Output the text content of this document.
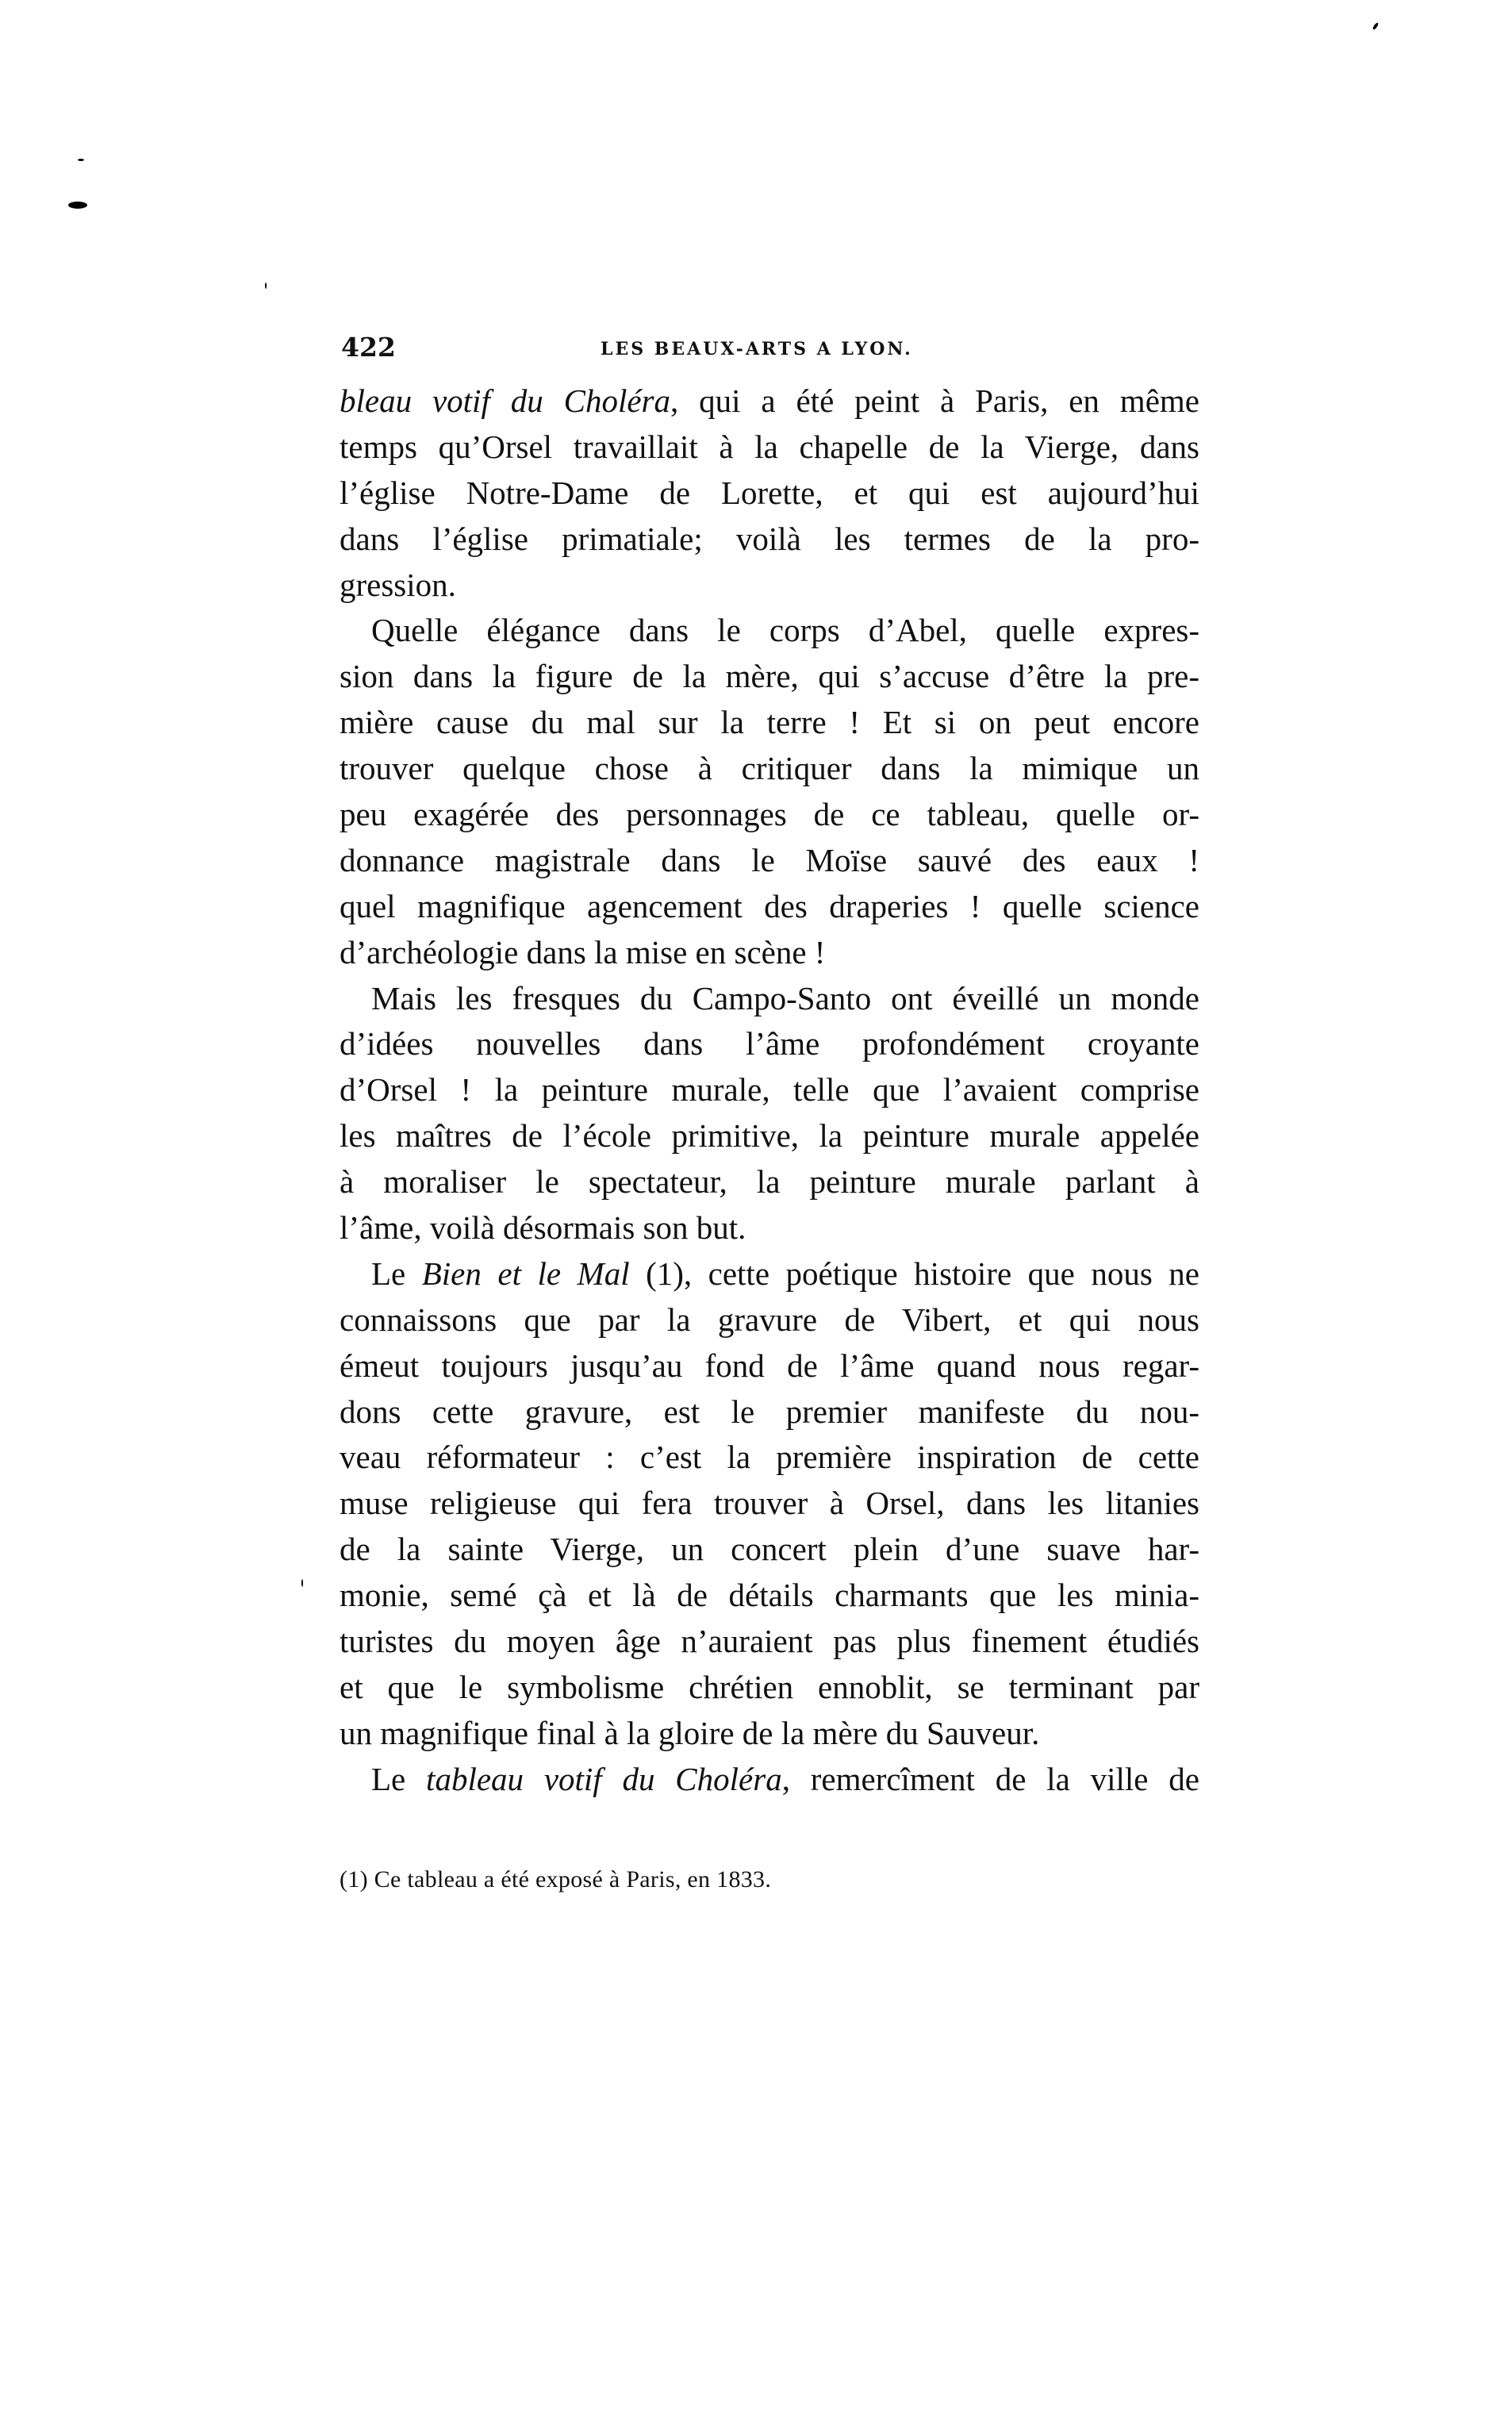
422	LES BEAUX-ARTS A LYON.
bleau votif du Choléra, qui a été peint à Paris, en même
temps qu’Orsel travaillait à la chapelle de la Vierge, dans
l’église Notre-Dame de Lorette, et qui est aujourd’hui
dans l’église primatiale; voilà les termes de la pro-
gression.
Quelle élégance dans le corps d’Abel, quelle expres-
sion dans la figure de la mère, qui s’accuse d’être la pre-
mière cause du mal sur la terre ! Et si on peut encore
trouver quelque chose à critiquer dans la mimique un
peu exagérée des personnages de ce tableau, quelle or-
donnance magistrale dans le Moïse sauvé des eaux !
quel magnifique agencement des draperies ! quelle science
d’archéologie dans la mise en scène !
Mais les fresques du Campo-Santo ont éveillé un monde
d’idées nouvelles dans l’âme profondément croyante
d’Orsel ! la peinture murale, telle que l’avaient comprise
les maîtres de l’école primitive, la peinture murale appelée
à moraliser le spectateur, la peinture murale parlant à
l’âme, voilà désormais son but.
Le Bien et le Mal (1), cette poétique histoire que nous ne
connaissons que par la gravure de Vibert, et qui nous
émeut toujours jusqu’au fond de l’âme quand nous regar-
dons cette gravure, est le premier manifeste du nou-
veau réformateur : c’est la première inspiration de cette
muse religieuse qui fera trouver à Orsel, dans les litanies
de la sainte Vierge, un concert plein d’une suave har-
monie, semé çà et là de détails charmants que les minia-
turistes du moyen âge n’auraient pas plus finement étudiés
et que le symbolisme chrétien ennoblit, se terminant par
un magnifique final à la gloire de la mère du Sauveur.
Le tableau votif du Choléra, remercîment de la ville de
(1) Ce tableau a été exposé à Paris, en 1833.
